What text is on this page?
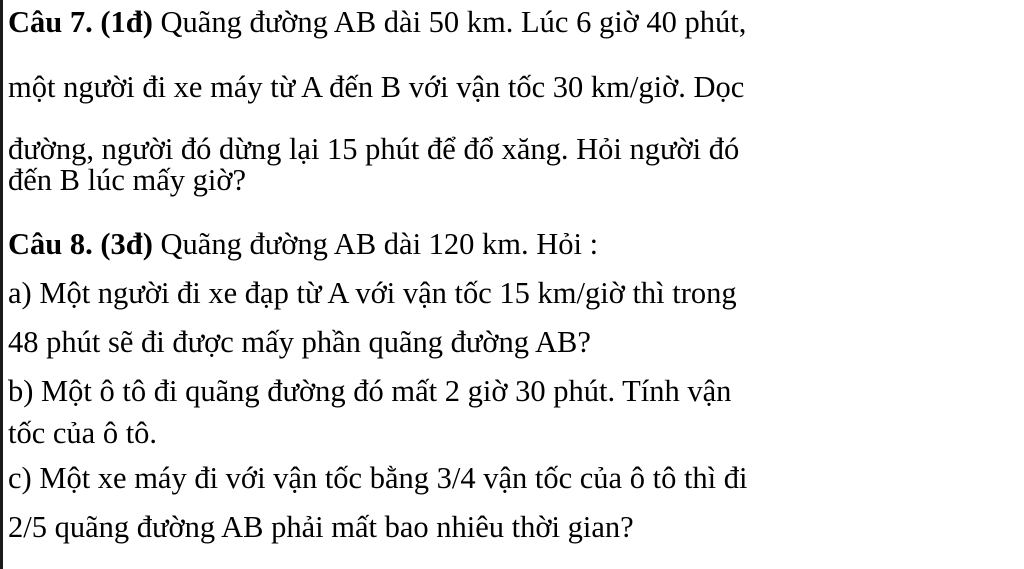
Câu 7. (1đ) Quãng đường AB dài 50 km. Lúc 6 giờ 40 phút,
một người đi xe máy từ A đến B với vận tốc 30 km/giờ. Dọc
đường, người đó dừng lại 15 phút để đổ xăng. Hỏi người đó
đến B lúc mấy giờ?
Câu 8. (3đ) Quãng đường AB dài 120 km. Hỏi :
a) Một người đi xe đạp từ A với vận tốc 15 km/giờ thì trong
48 phút sẽ đi được mấy phần quãng đường AB?
b) Một ô tô đi quãng đường đó mất 2 giờ 30 phút. Tính vận
tốc của ô tô.
c) Một xe máy đi với vận tốc bằng 3/4 vận tốc của ô tô thì đi
2/5 quãng đường AB phải mất bao nhiêu thời gian?
